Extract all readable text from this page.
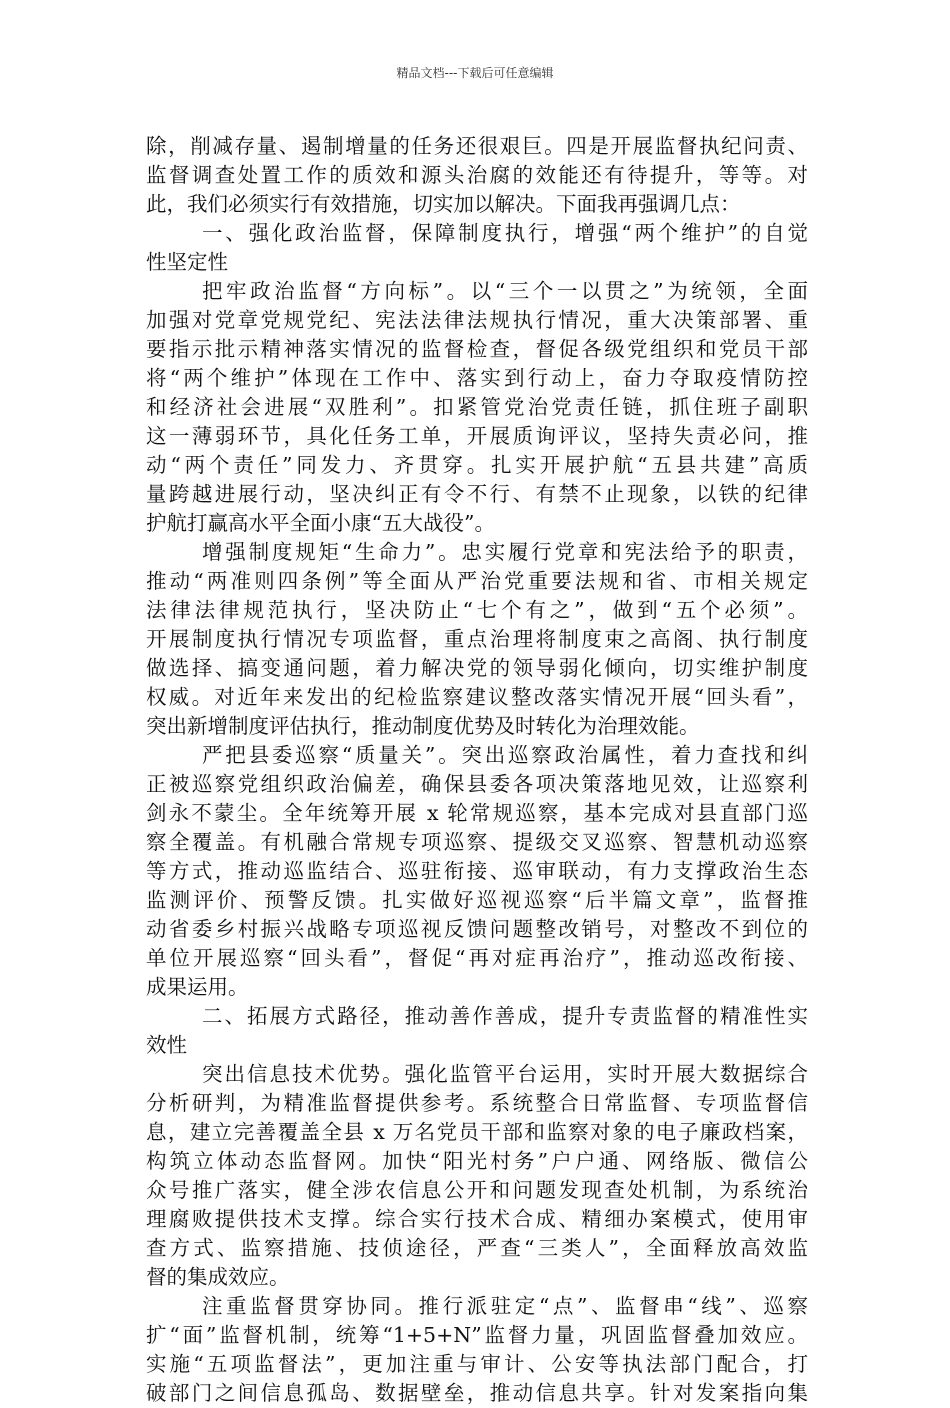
精品文档---下载后可任意编辑
除，削减存量、遏制增量的任务还很艰巨。四是开展监督执纪问责、
监督调查处置工作的质效和源头治腐的效能还有待提升，等等。对
此，我们必须实行有效措施，切实加以解决。下面我再强调几点：
一、强化政治监督，保障制度执行，增强“两个维护”的自觉
性坚定性
把牢政治监督“方向标”。以“三个一以贯之”为统领，全面
加强对党章党规党纪、宪法法律法规执行情况，重大决策部署、重
要指示批示精神落实情况的监督检查，督促各级党组织和党员干部
将“两个维护”体现在工作中、落实到行动上，奋力夺取疫情防控
和经济社会进展“双胜利”。扣紧管党治党责任链，抓住班子副职
这一薄弱环节，具化任务工单，开展质询评议，坚持失责必问，推
动“两个责任”同发力、齐贯穿。扎实开展护航“五县共建”高质
量跨越进展行动，坚决纠正有令不行、有禁不止现象，以铁的纪律
护航打赢高水平全面小康“五大战役”。
增强制度规矩“生命力”。忠实履行党章和宪法给予的职责，
推动“两准则四条例”等全面从严治党重要法规和省、市相关规定
法律法律规范执行，坚决防止“七个有之”，做到“五个必须”。
开展制度执行情况专项监督，重点治理将制度束之高阁、执行制度
做选择、搞变通问题，着力解决党的领导弱化倾向，切实维护制度
权威。对近年来发出的纪检监察建议整改落实情况开展“回头看”，
突出新增制度评估执行，推动制度优势及时转化为治理效能。
严把县委巡察“质量关”。突出巡察政治属性，着力查找和纠
正被巡察党组织政治偏差，确保县委各项决策落地见效，让巡察利
剑永不蒙尘。全年统筹开展 x 轮常规巡察，基本完成对县直部门巡
察全覆盖。有机融合常规专项巡察、提级交叉巡察、智慧机动巡察
等方式，推动巡监结合、巡驻衔接、巡审联动，有力支撑政治生态
监测评价、预警反馈。扎实做好巡视巡察“后半篇文章”，监督推
动省委乡村振兴战略专项巡视反馈问题整改销号，对整改不到位的
单位开展巡察“回头看”，督促“再对症再治疗”，推动巡改衔接、
成果运用。
二、拓展方式路径，推动善作善成，提升专责监督的精准性实
效性
突出信息技术优势。强化监管平台运用，实时开展大数据综合
分析研判，为精准监督提供参考。系统整合日常监督、专项监督信
息，建立完善覆盖全县 x 万名党员干部和监察对象的电子廉政档案，
构筑立体动态监督网。加快“阳光村务”户户通、网络版、微信公
众号推广落实，健全涉农信息公开和问题发现查处机制，为系统治
理腐败提供技术支撑。综合实行技术合成、精细办案模式，使用审
查方式、监察措施、技侦途径，严查“三类人”，全面释放高效监
督的集成效应。
注重监督贯穿协同。推行派驻定“点”、监督串“线”、巡察
扩“面”监督机制，统筹“1+5+N”监督力量，巩固监督叠加效应。
实施“五项监督法”，更加注重与审计、公安等执法部门配合，打
破部门之间信息孤岛、数据壁垒，推动信息共享。针对发案指向集
